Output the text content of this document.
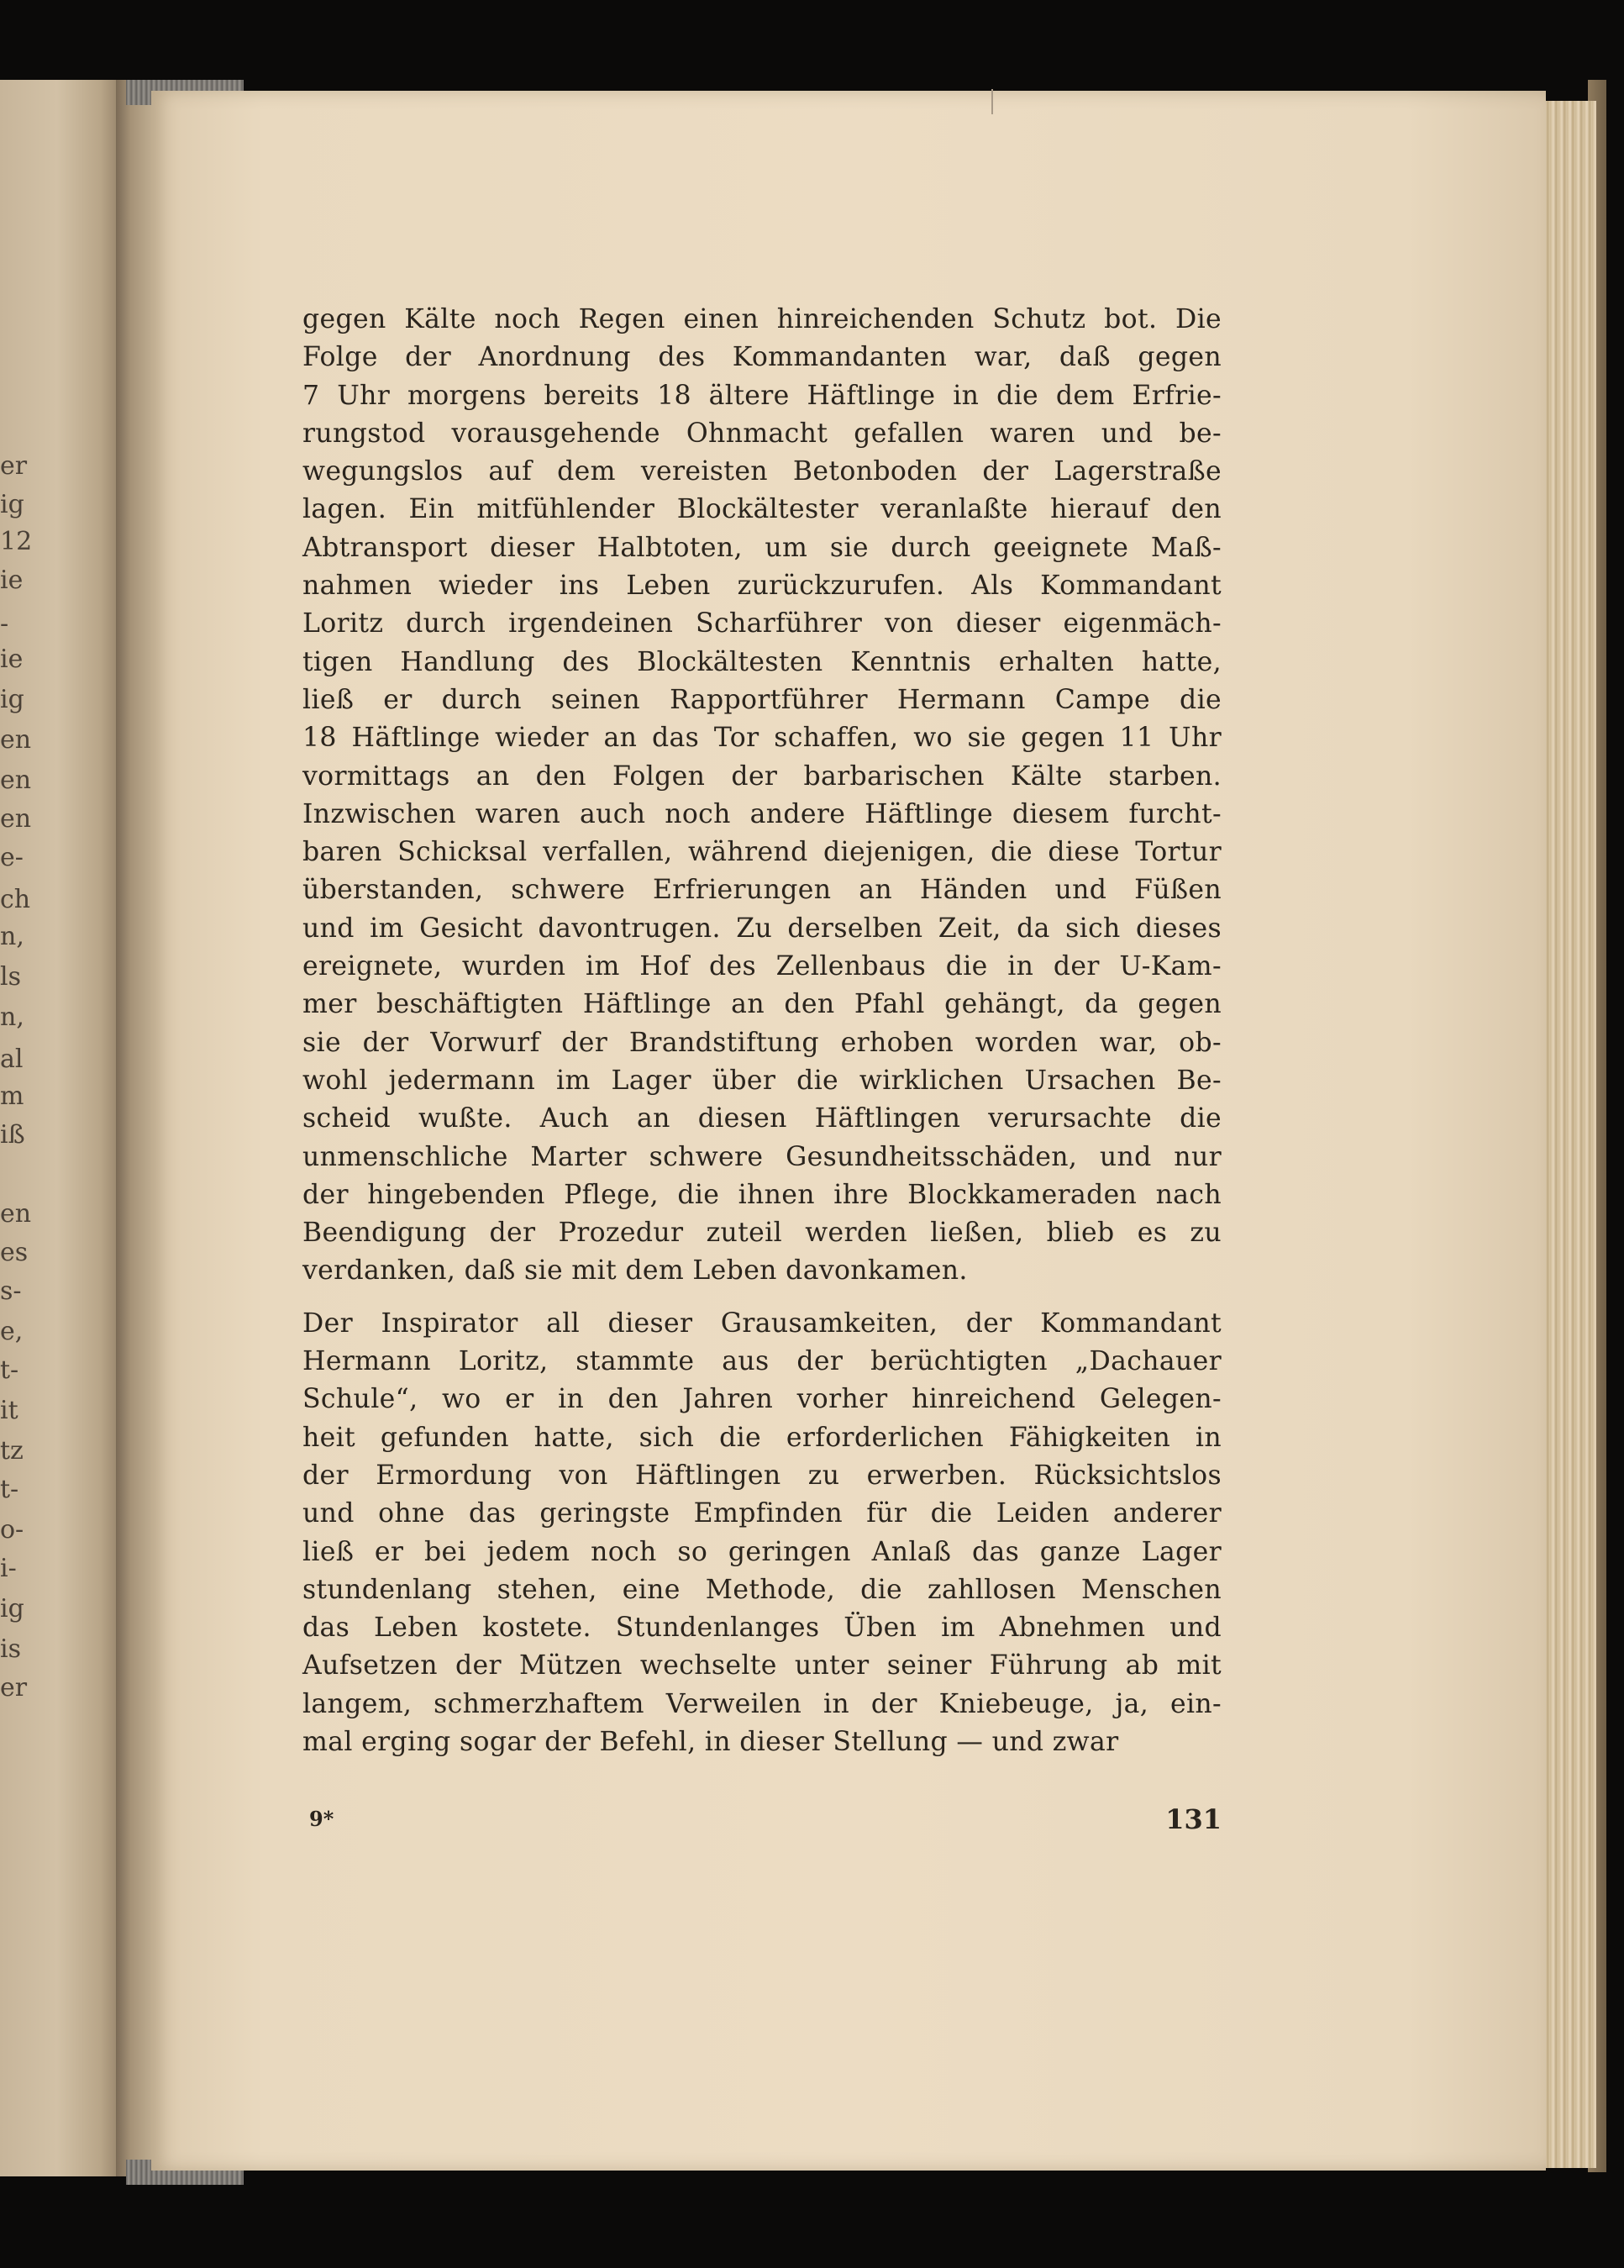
er
ig
12
ie
-
ie
ig
en
en
en
e-
ch
n,
ls
n,
al
m
iß
en
es
s-
e,
t-
it
tz
t-
o-
i-
ig
is
er
gegen Kälte noch Regen einen hinreichenden Schutz bot. Die
Folge der Anordnung des Kommandanten war, daß gegen
7 Uhr morgens bereits 18 ältere Häftlinge in die dem Erfrie-
rungstod vorausgehende Ohnmacht gefallen waren und be-
wegungslos auf dem vereisten Betonboden der Lagerstraße
lagen. Ein mitfühlender Blockältester veranlaßte hierauf den
Abtransport dieser Halbtoten, um sie durch geeignete Maß-
nahmen wieder ins Leben zurückzurufen. Als Kommandant
Loritz durch irgendeinen Scharführer von dieser eigenmäch-
tigen Handlung des Blockältesten Kenntnis erhalten hatte,
ließ er durch seinen Rapportführer Hermann Campe die
18 Häftlinge wieder an das Tor schaffen, wo sie gegen 11 Uhr
vormittags an den Folgen der barbarischen Kälte starben.
Inzwischen waren auch noch andere Häftlinge diesem furcht-
baren Schicksal verfallen, während diejenigen, die diese Tortur
überstanden, schwere Erfrierungen an Händen und Füßen
und im Gesicht davontrugen. Zu derselben Zeit, da sich dieses
ereignete, wurden im Hof des Zellenbaus die in der U-Kam-
mer beschäftigten Häftlinge an den Pfahl gehängt, da gegen
sie der Vorwurf der Brandstiftung erhoben worden war, ob-
wohl jedermann im Lager über die wirklichen Ursachen Be-
scheid wußte. Auch an diesen Häftlingen verursachte die
unmenschliche Marter schwere Gesundheitsschäden, und nur
der hingebenden Pflege, die ihnen ihre Blockkameraden nach
Beendigung der Prozedur zuteil werden ließen, blieb es zu
verdanken, daß sie mit dem Leben davonkamen.
Der Inspirator all dieser Grausamkeiten, der Kommandant
Hermann Loritz, stammte aus der berüchtigten „Dachauer
Schule“, wo er in den Jahren vorher hinreichend Gelegen-
heit gefunden hatte, sich die erforderlichen Fähigkeiten in
der Ermordung von Häftlingen zu erwerben. Rücksichtslos
und ohne das geringste Empfinden für die Leiden anderer
ließ er bei jedem noch so geringen Anlaß das ganze Lager
stundenlang stehen, eine Methode, die zahllosen Menschen
das Leben kostete. Stundenlanges Üben im Abnehmen und
Aufsetzen der Mützen wechselte unter seiner Führung ab mit
langem, schmerzhaftem Verweilen in der Kniebeuge, ja, ein-
mal erging sogar der Befehl, in dieser Stellung — und zwar
9*	131
